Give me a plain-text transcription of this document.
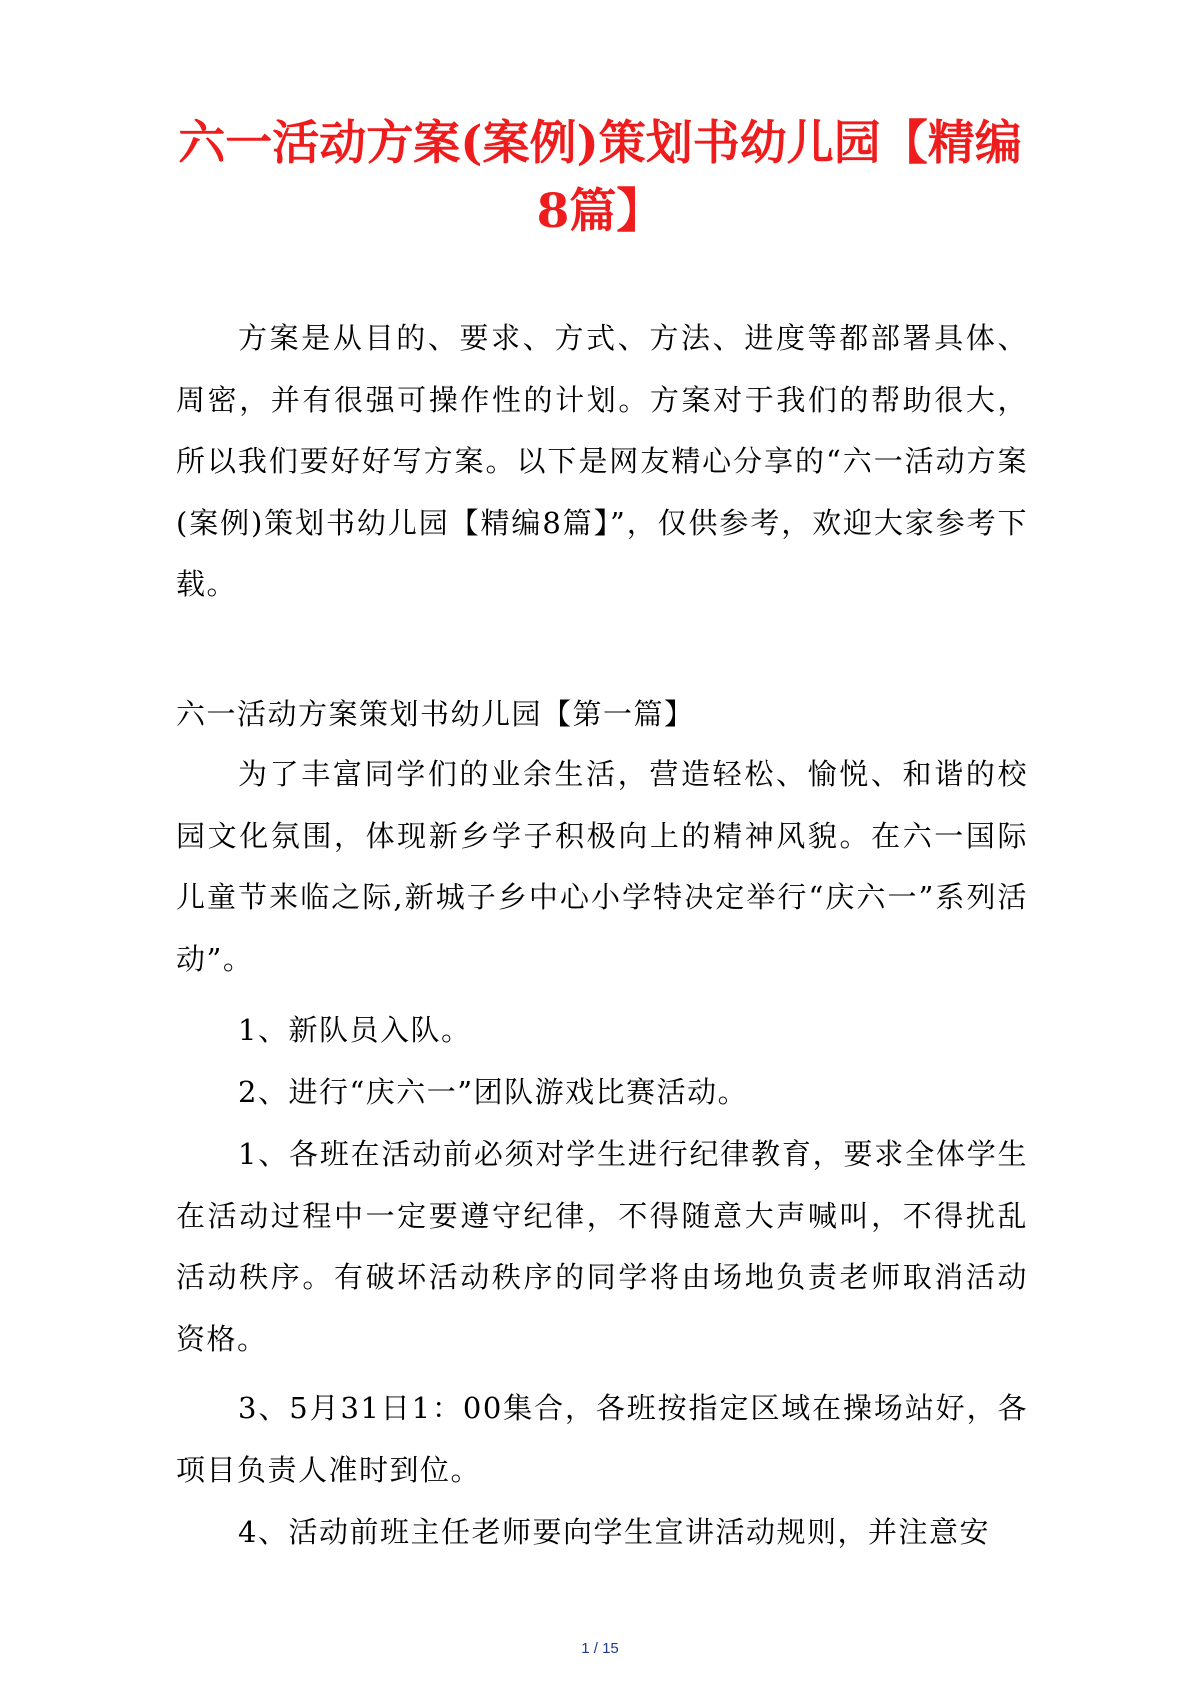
六一活动方案(案例)策划书幼儿园【精编
8篇】

方案是从目的、要求、方式、方法、进度等都部署具体、周密，并有很强可操作性的计划。方案对于我们的帮助很大，所以我们要好好写方案。以下是网友精心分享的“六一活动方案(案例)策划书幼儿园【精编8篇】”，仅供参考，欢迎大家参考下载。

六一活动方案策划书幼儿园【第一篇】

为了丰富同学们的业余生活，营造轻松、愉悦、和谐的校园文化氛围，体现新乡学子积极向上的精神风貌。在六一国际儿童节来临之际,新城子乡中心小学特决定举行“庆六一”系列活动”。

1、新队员入队。

2、进行“庆六一”团队游戏比赛活动。

1、各班在活动前必须对学生进行纪律教育，要求全体学生在活动过程中一定要遵守纪律，不得随意大声喊叫，不得扰乱活动秩序。有破坏活动秩序的同学将由场地负责老师取消活动资格。

3、5月31日1：00集合，各班按指定区域在操场站好，各项目负责人准时到位。

4、活动前班主任老师要向学生宣讲活动规则，并注意安

1 / 15
